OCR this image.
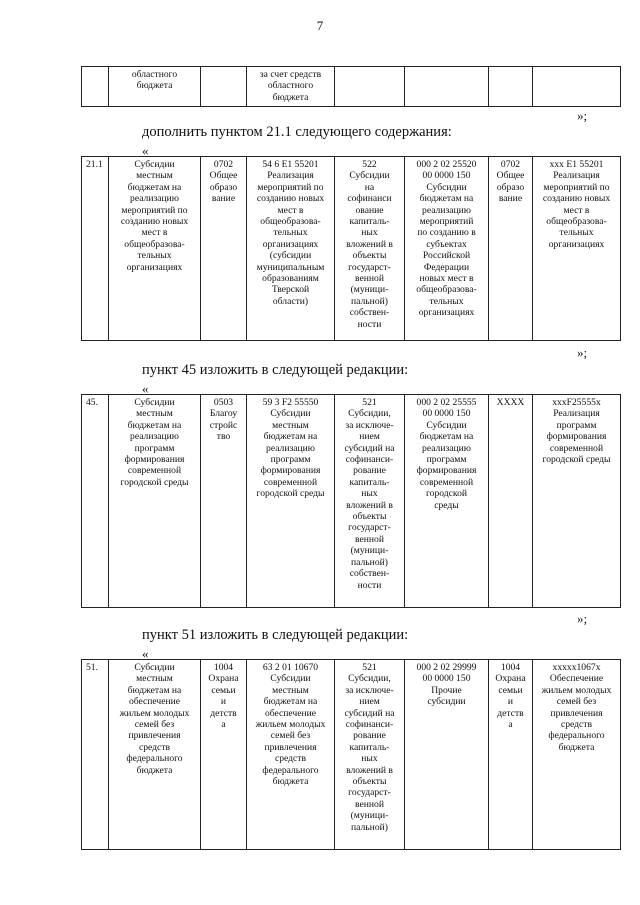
7
	областного
бюджета		за счет средств
областного
бюджета				
»;
дополнить пунктом 21.1 следующего содержания:
«
21.1	Субсидии
местным
бюджетам на
реализацию
мероприятий по
созданию новых
мест в
общеобразова-
тельных
организациях	0702
Общее
образо
вание	54 6 E1 55201
Реализация
мероприятий по
созданию новых
мест в
общеобразова-
тельных
организациях
(субсидии
муниципальным
образованиям
Тверской
области)	522
Субсидии
на
софинанси
ование
капиталь-
ных
вложений в
объекты
государст-
венной
(муници-
пальной)
собствен-
ности	000 2 02 25520
00 0000 150
Субсидии
бюджетам на
реализацию
мероприятий
по созданию в
субъектах
Российской
Федерации
новых мест в
общеобразова-
тельных
организациях	0702
Общее
образо
вание	ххх E1 55201
Реализация
мероприятий по
созданию новых
мест в
общеобразова-
тельных
организациях
»;
пункт 45 изложить в следующей редакции:
«
45.	Субсидии
местным
бюджетам на
реализацию
программ
формирования
современной
городской среды	0503
Благоу
стройс
тво	59 3 F2 55550
Субсидии
местным
бюджетам на
реализацию
программ
формирования
современной
городской среды	521
Субсидии,
за исключе-
нием
субсидий на
софинанси-
рование
капиталь-
ных
вложений в
объекты
государст-
венной
(муници-
пальной)
собствен-
ности	000 2 02 25555
00 0000 150
Субсидии
бюджетам на
реализацию
программ
формирования
современной
городской
среды	XXXX	хххF25555х
Реализация
программ
формирования
современной
городской среды
»;
пункт 51 изложить в следующей редакции:
«
51.	Субсидии
местным
бюджетам на
обеспечение
жильем молодых
семей без
привлечения
средств
федерального
бюджета	1004
Охрана
семьи
и
детств
а	63 2 01 10670
Субсидии
местным
бюджетам на
обеспечение
жильем молодых
семей без
привлечения
средств
федерального
бюджета	521
Субсидии,
за исключе-
нием
субсидий на
софинанси-
рование
капиталь-
ных
вложений в
объекты
государст-
венной
(муници-
пальной)	000 2 02 29999
00 0000 150
Прочие
субсидии	1004
Охрана
семьи
и
детств
а	ххххх1067х
Обеспечение
жильем молодых
семей без
привлечения
средств
федерального
бюджета
